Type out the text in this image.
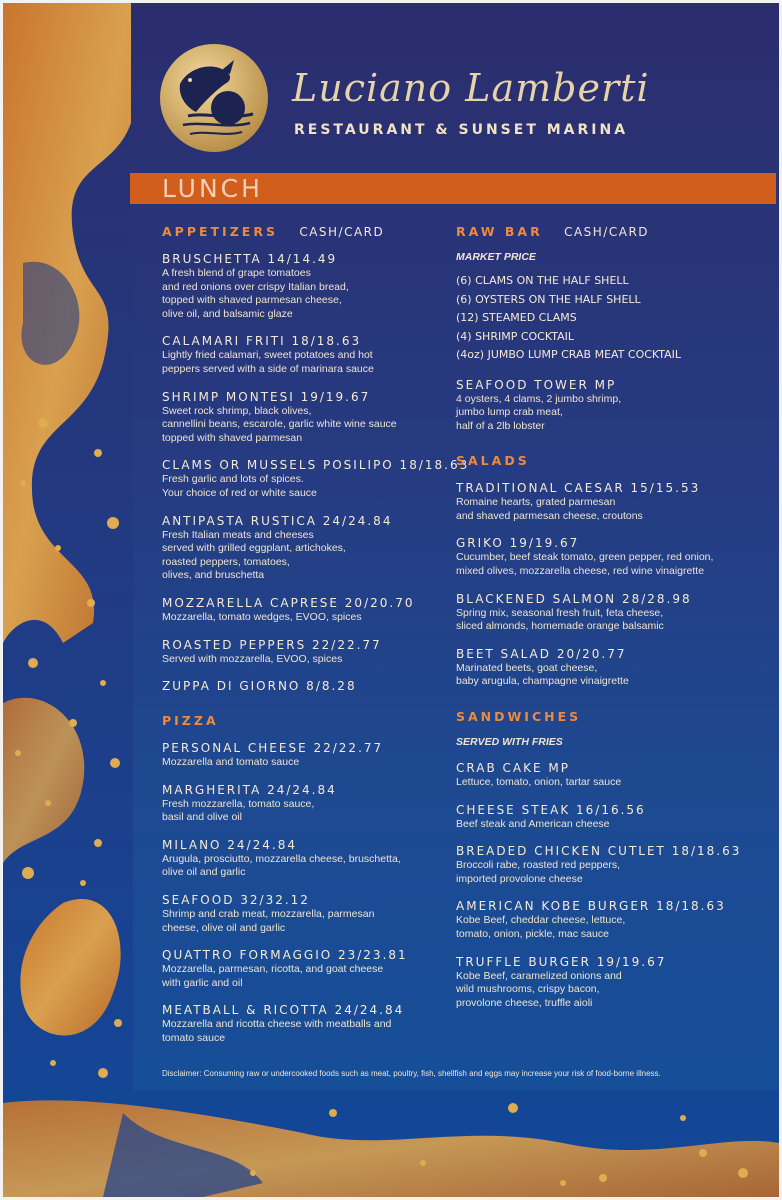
Luciano Lamberti
RESTAURANT & SUNSET MARINA
LUNCH
APPETIZERS CASH/CARD
BRUSCHETTA 14/14.49
A fresh blend of grape tomatoes
and red onions over crispy Italian bread,
topped with shaved parmesan cheese,
olive oil, and balsamic glaze
CALAMARI FRITI 18/18.63
Lightly fried calamari, sweet potatoes and hot
peppers served with a side of marinara sauce
SHRIMP MONTESI 19/19.67
Sweet rock shrimp, black olives,
cannellini beans, escarole, garlic white wine sauce
topped with shaved parmesan
CLAMS OR MUSSELS POSILIPO 18/18.63
Fresh garlic and lots of spices.
Your choice of red or white sauce
ANTIPASTA RUSTICA 24/24.84
Fresh Italian meats and cheeses
served with grilled eggplant, artichokes,
roasted peppers, tomatoes,
olives, and bruschetta
MOZZARELLA CAPRESE 20/20.70
Mozzarella, tomato wedges, EVOO, spices
ROASTED PEPPERS 22/22.77
Served with mozzarella, EVOO, spices
ZUPPA DI GIORNO 8/8.28
PIZZA
PERSONAL CHEESE 22/22.77
Mozzarella and tomato sauce
MARGHERITA 24/24.84
Fresh mozzarella, tomato sauce,
basil and olive oil
MILANO 24/24.84
Arugula, prosciutto, mozzarella cheese, bruschetta,
olive oil and garlic
SEAFOOD 32/32.12
Shrimp and crab meat, mozzarella, parmesan
cheese, olive oil and garlic
QUATTRO FORMAGGIO 23/23.81
Mozzarella, parmesan, ricotta, and goat cheese
with garlic and oil
MEATBALL & RICOTTA 24/24.84
Mozzarella and ricotta cheese with meatballs and
tomato sauce
RAW BAR CASH/CARD
MARKET PRICE
(6) CLAMS ON THE HALF SHELL
(6) OYSTERS ON THE HALF SHELL
(12) STEAMED CLAMS
(4) SHRIMP COCKTAIL
(4oz) JUMBO LUMP CRAB MEAT COCKTAIL
SEAFOOD TOWER MP
4 oysters, 4 clams, 2 jumbo shrimp,
jumbo lump crab meat,
half of a 2lb lobster
SALADS
TRADITIONAL CAESAR 15/15.53
Romaine hearts, grated parmesan
and shaved parmesan cheese, croutons
GRIKO 19/19.67
Cucumber, beef steak tomato, green pepper, red onion,
mixed olives, mozzarella cheese, red wine vinaigrette
BLACKENED SALMON 28/28.98
Spring mix, seasonal fresh fruit, feta cheese,
sliced almonds, homemade orange balsamic
BEET SALAD 20/20.77
Marinated beets, goat cheese,
baby arugula, champagne vinaigrette
SANDWICHES
SERVED WITH FRIES
CRAB CAKE MP
Lettuce, tomato, onion, tartar sauce
CHEESE STEAK 16/16.56
Beef steak and American cheese
BREADED CHICKEN CUTLET 18/18.63
Broccoli rabe, roasted red peppers,
imported provolone cheese
AMERICAN KOBE BURGER 18/18.63
Kobe Beef, cheddar cheese, lettuce,
tomato, onion, pickle, mac sauce
TRUFFLE BURGER 19/19.67
Kobe Beef, caramelized onions and
wild mushrooms, crispy bacon,
provolone cheese, truffle aioli
Disclaimer: Consuming raw or undercooked foods such as meat, poultry, fish, shellfish and eggs may increase your risk of food-borne illness.
